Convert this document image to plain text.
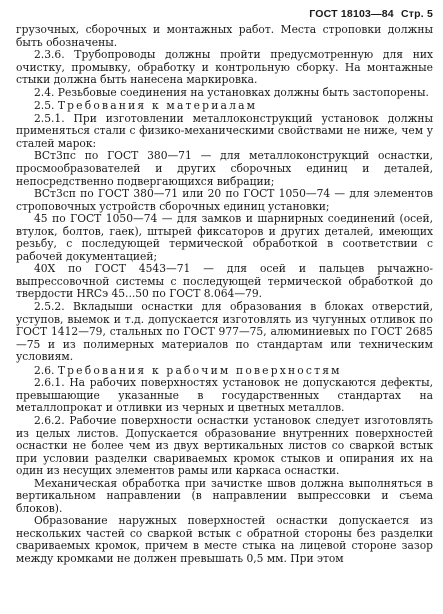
ГОСТ 18103—84 Стр. 5

грузочных, сборочных и монтажных работ. Места строповки должны быть обозначены.

2.3.6. Трубопроводы должны пройти предусмотренную для них очистку, промывку, обработку и контрольную сборку. На монтажные стыки должна быть нанесена маркировка.

2.4. Резьбовые соединения на установках должны быть застопорены.

2.5. Требования к материалам

2.5.1. При изготовлении металлоконструкций установок должны применяться стали с физико-механическими свойствами не ниже, чем у сталей марок:

ВСт3пс по ГОСТ 380—71 — для металлоконструкций оснастки, просмообразователей и других сборочных единиц и деталей, непосредственно подвергающихся вибрации;

ВСт3сп по ГОСТ 380—71 или 20 по ГОСТ 1050—74 — для элементов строповочных устройств сборочных единиц установки;

45 по ГОСТ 1050—74 — для замков и шарнирных соединений (осей, втулок, болтов, гаек), штырей фиксаторов и других деталей, имеющих резьбу, с последующей термической обработкой в соответствии с рабочей документацией;

40Х по ГОСТ 4543—71 — для осей и пальцев рычажно-выпрессовочной системы с последующей термической обработкой до твердости HRCэ 45...50 по ГОСТ 8.064—79.

2.5.2. Вкладыши оснастки для образования в блоках отверстий, уступов, выемок и т.д. допускается изготовлять из чугунных отливок по ГОСТ 1412—79, стальных по ГОСТ 977—75, алюминиевых по ГОСТ 2685—75 и из полимерных материалов по стандартам или техническим условиям.

2.6. Требования к рабочим поверхностям

2.6.1. На рабочих поверхностях установок не допускаются дефекты, превышающие указанные в государственных стандартах на металлопрокат и отливки из черных и цветных металлов.

2.6.2. Рабочие поверхности оснастки установок следует изготовлять из целых листов. Допускается образование внутренних поверхностей оснастки не более чем из двух вертикальных листов со сваркой встык при условии разделки свариваемых кромок стыков и опирания их на один из несущих элементов рамы или каркаса оснастки.

Механическая обработка при зачистке швов должна выполняться в вертикальном направлении (в направлении выпрессовки и съема блоков).

Образование наружных поверхностей оснастки допускается из нескольких частей со сваркой встык с обратной стороны без разделки свариваемых кромок, причем в месте стыка на лицевой стороне зазор между кромками не должен превышать 0,5 мм. При этом
